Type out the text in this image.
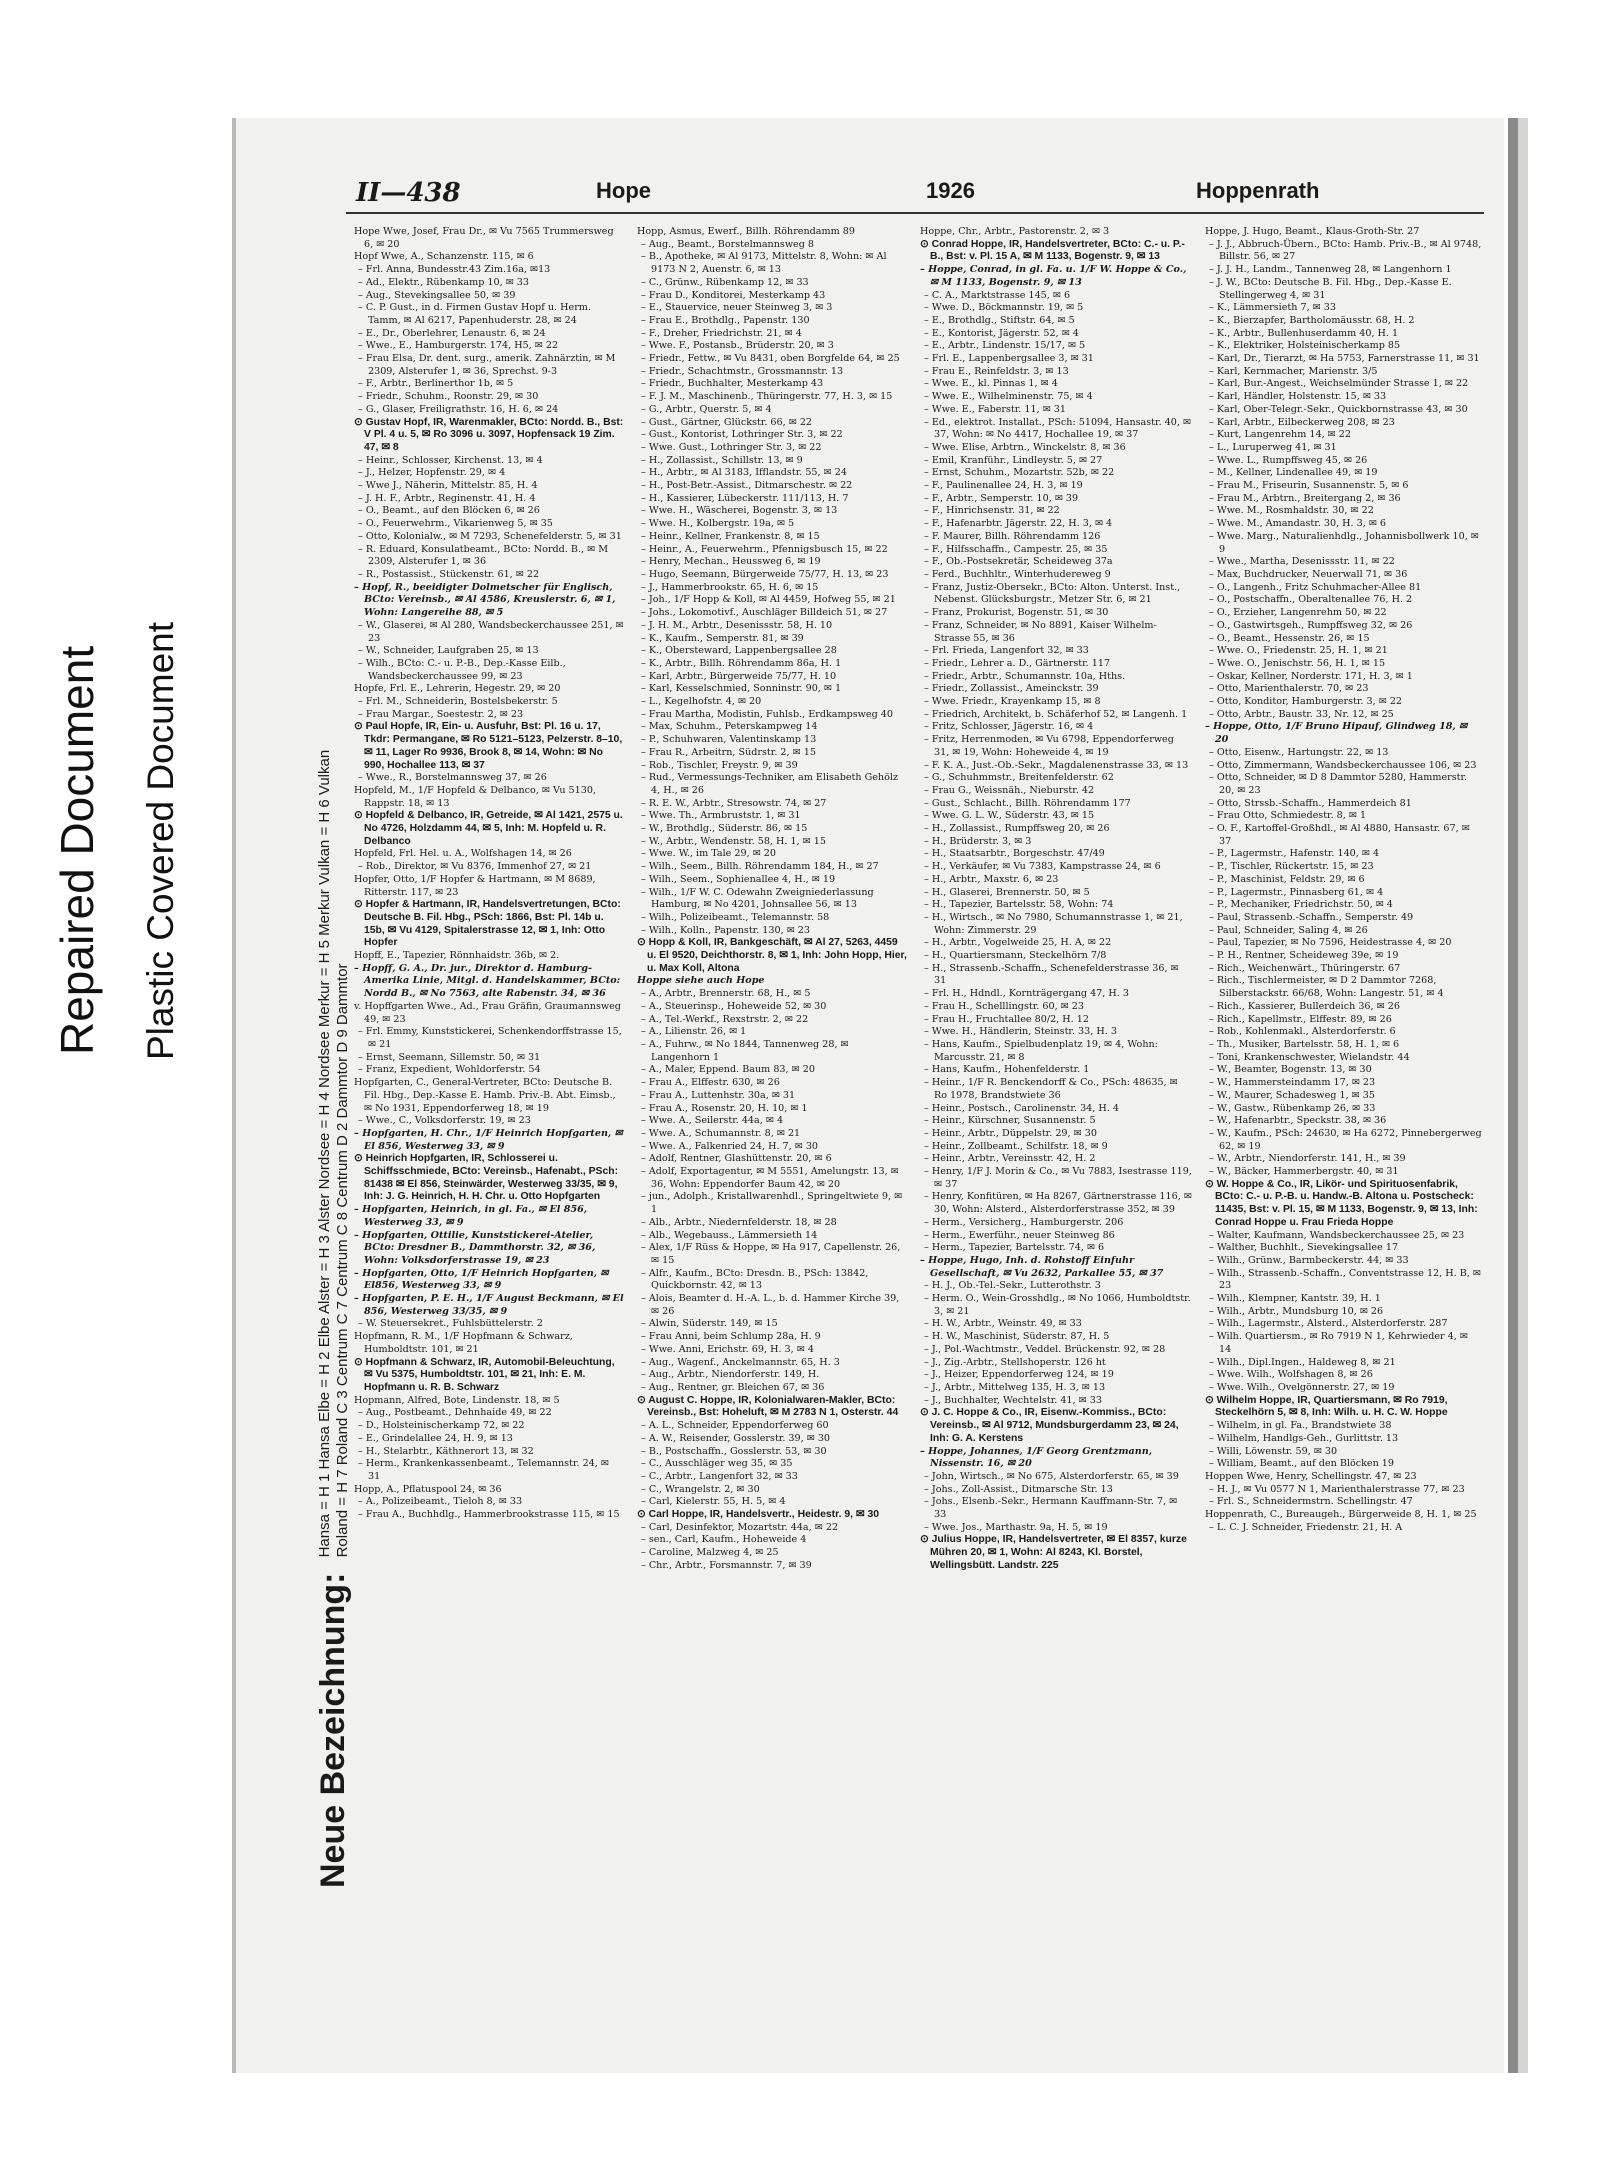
Repaired Document	Plastic Covered Document
II—438	Hope	1926	Hoppenrath
Neue Bezeichnung: Hansa = H 1 Hansa Elbe = H 2 Elbe Alster = H 3 Alster Nordsee = H 4 Nordsee Merkur = H 5 Merkur Vulkan = H 6 Vulkan
Roland = H 7 Roland C 3 Centrum C 7 Centrum C 8 Centrum D 2 Dammtor D 9 Dammtor
Hope Wwe, Josef, Frau Dr., ✉ Vu 7565 Trummersweg 6, ✉ 20
Hopf Wwe, A., Schanzenstr. 115, ✉ 6
– Frl. Anna, Bundesstr.43 Zim.16a, ✉13
– Ad., Elektr., Rübenkamp 10, ✉ 33
– Aug., Stevekingsallee 50, ✉ 39
– C. P. Gust., in d. Firmen Gustav Hopf u. Herm. Tamm, ✉ Al 6217, Papenhuderstr. 28, ✉ 24
– E., Dr., Oberlehrer, Lenaustr. 6, ✉ 24
– Wwe., E., Hamburgerstr. 174, H5, ✉ 22
– Frau Elsa, Dr. dent. surg., amerik. Zahnärztin, ✉ M 2309, Alsterufer 1, ✉ 36, Sprechst. 9-3
– F., Arbtr., Berlinerthor 1b, ✉ 5
– Friedr., Schuhm., Roonstr. 29, ✉ 30
– G., Glaser, Freiligrathstr. 16, H. 6, ✉ 24
⊙ Gustav Hopf, IR, Warenmakler, BCto: Nordd. B., Bst: V Pl. 4 u. 5, ✉ Ro 3096 u. 3097, Hopfensack 19 Zim. 47, ✉ 8
– Heinr., Schlosser, Kirchenst. 13, ✉ 4
– J., Helzer, Hopfenstr. 29, ✉ 4
– Wwe J., Näherin, Mittelstr. 85, H. 4
– J. H. F., Arbtr., Reginenstr. 41, H. 4
– O., Beamt., auf den Blöcken 6, ✉ 26
– O., Feuerwehrm., Vikarienweg 5, ✉ 35
– Otto, Kolonialw., ✉ M 7293, Schenefelderstr. 5, ✉ 31
– R. Eduard, Konsulatbeamt., BCto: Nordd. B., ✉ M 2309, Alsterufer 1, ✉ 36
– R., Postassist., Stückenstr. 61, ✉ 22
– Hopf, R., beeidigter Dolmetscher für Englisch, BCto: Vereinsb., ✉ Al 4586, Kreuslerstr. 6, ✉ 1, Wohn: Langereihe 88, ✉ 5
– W., Glaserei, ✉ Al 280, Wandsbeckerchaussee 251, ✉ 23
– W., Schneider, Laufgraben 25, ✉ 13
– Wilh., BCto: C.- u. P.-B., Dep.-Kasse Eilb., Wandsbeckerchaussee 99, ✉ 23
Hopfe, Frl. E., Lehrerin, Hegestr. 29, ✉ 20
– Frl. M., Schneiderin, Bostelsbekerstr. 5
– Frau Margar., Soestestr. 2, ✉ 23
⊙ Paul Hopfe, IR, Ein- u. Ausfuhr, Bst: Pl. 16 u. 17, Tkdr: Permangane, ✉ Ro 5121–5123, Pelzerstr. 8–10, ✉ 11, Lager Ro 9936, Brook 8, ✉ 14, Wohn: ✉ No 990, Hochallee 113, ✉ 37
– Wwe., R., Borstelmannsweg 37, ✉ 26
Hopfeld, M., 1/F Hopfeld & Delbanco, ✉ Vu 5130, Rappstr. 18, ✉ 13
⊙ Hopfeld & Delbanco, IR, Getreide, ✉ Al 1421, 2575 u. No 4726, Holzdamm 44, ✉ 5, Inh: M. Hopfeld u. R. Delbanco
Hopfeld, Frl. Hel. u. A., Wolfshagen 14, ✉ 26
– Rob., Direktor, ✉ Vu 8376, Immenhof 27, ✉ 21
Hopfer, Otto, 1/F Hopfer & Hartmann, ✉ M 8689, Ritterstr. 117, ✉ 23
⊙ Hopfer & Hartmann, IR, Handelsvertretungen, BCto: Deutsche B. Fil. Hbg., PSch: 1866, Bst: Pl. 14b u. 15b, ✉ Vu 4129, Spitalerstrasse 12, ✉ 1, Inh: Otto Hopfer
Hopff, E., Tapezier, Rönnhaidstr. 36b, ✉ 2.
– Hopff, G. A., Dr. jur., Direktor d. Hamburg-Amerika Linie, Mitgl. d. Handelskammer, BCto: Nordd B., ✉ No 7563, alte Rabenstr. 34, ✉ 36
v. Hopffgarten Wwe., Ad., Frau Gräfin, Graumannsweg 49, ✉ 23
– Frl. Emmy, Kunststickerei, Schenkendorffstrasse 15, ✉ 21
– Ernst, Seemann, Sillemstr. 50, ✉ 31
– Franz, Expedient, Wohldorferstr. 54
Hopfgarten, C., General-Vertreter, BCto: Deutsche B. Fil. Hbg., Dep.-Kasse E. Hamb. Priv.-B. Abt. Eimsb., ✉ No 1931, Eppendorferweg 18, ✉ 19
– Wwe., C., Volksdorferstr. 19, ✉ 23
– Hopfgarten, H. Chr., 1/F Heinrich Hopfgarten, ✉ El 856, Westerweg 33, ✉ 9
⊙ Heinrich Hopfgarten, IR, Schlosserei u. Schiffsschmiede, BCto: Vereinsb., Hafenabt., PSch: 81438 ✉ El 856, Steinwärder, Westerweg 33/35, ✉ 9, Inh: J. G. Heinrich, H. H. Chr. u. Otto Hopfgarten
– Hopfgarten, Heinrich, in gl. Fa., ✉ El 856, Westerweg 33, ✉ 9
– Hopfgarten, Ottilie, Kunststickerei-Atelier, BCto: Dresdner B., Dammthorstr. 32, ✉ 36, Wohn: Volksdorferstrasse 19, ✉ 23
– Hopfgarten, Otto, 1/F Heinrich Hopfgarten, ✉ El856, Westerweg 33, ✉ 9
– Hopfgarten, P. E. H., 1/F August Beckmann, ✉ El 856, Westerweg 33/35, ✉ 9
– W. Steuersekret., Fuhlsbüttelerstr. 2
Hopfmann, R. M., 1/F Hopfmann & Schwarz, Humboldtstr. 101, ✉ 21
⊙ Hopfmann & Schwarz, IR, Automobil-Beleuchtung, ✉ Vu 5375, Humboldtstr. 101, ✉ 21, Inh: E. M. Hopfmann u. R. B. Schwarz
Hopmann, Alfred, Bote, Lindenstr. 18, ✉ 5
– Aug., Postbeamt., Dehnhaide 49, ✉ 22
– D., Holsteinischerkamp 72, ✉ 22
– E., Grindelallee 24, H. 9, ✉ 13
– H., Stelarbtr., Käthnerort 13, ✉ 32
– Herm., Krankenkassenbeamt., Telemannstr. 24, ✉ 31
Hopp, A., Pflatuspool 24, ✉ 36
– A., Polizeibeamt., Tieloh 8, ✉ 33
– Frau A., Buchhdlg., Hammerbrookstrasse 115, ✉ 15
Hopp, Asmus, Ewerf., Billh. Röhrendamm 89
– Aug., Beamt., Borstelmannsweg 8
– B., Apotheke, ✉ Al 9173, Mittelstr. 8, Wohn: ✉ Al 9173 N 2, Auenstr. 6, ✉ 13
– C., Grünw., Rübenkamp 12, ✉ 33
– Frau D., Konditorei, Mesterkamp 43
– E., Stauervice, neuer Steinweg 3, ✉ 3
– Frau E., Brothdlg., Papenstr. 130
– F., Dreher, Friedrichstr. 21, ✉ 4
– Wwe. F., Postansb., Brüderstr. 20, ✉ 3
– Friedr., Fettw., ✉ Vu 8431, oben Borgfelde 64, ✉ 25
– Friedr., Schachtmstr., Grossmannstr. 13
– Friedr., Buchhalter, Mesterkamp 43
– F. J. M., Maschinenb., Thüringerstr. 77, H. 3, ✉ 15
– G., Arbtr., Querstr. 5, ✉ 4
– Gust., Gärtner, Glückstr. 66, ✉ 22
– Gust., Kontorist, Lothringer Str. 3, ✉ 22
– Wwe. Gust., Lothringer Str. 3, ✉ 22
– H., Zollassist., Schillstr. 13, ✉ 9
– H., Arbtr., ✉ Al 3183, Ifflandstr. 55, ✉ 24
– H., Post-Betr.-Assist., Ditmarschestr. ✉ 22
– H., Kassierer, Lübeckerstr. 111/113, H. 7
– Wwe. H., Wäscherei, Bogenstr. 3, ✉ 13
– Wwe. H., Kolbergstr. 19a, ✉ 5
– Heinr., Kellner, Frankenstr. 8, ✉ 15
– Heinr., A., Feuerwehrm., Pfennigsbusch 15, ✉ 22
– Henry, Mechan., Heussweg 6, ✉ 19
– Hugo, Seemann, Bürgerweide 75/77, H. 13, ✉ 23
– J., Hammerbrookstr. 65, H. 6, ✉ 15
– Joh., 1/F Hopp & Koll, ✉ Al 4459, Hofweg 55, ✉ 21
– Johs., Lokomotivf., Auschläger Billdeich 51, ✉ 27
– J. H. M., Arbtr., Desenissstr. 58, H. 10
– K., Kaufm., Semperstr. 81, ✉ 39
– K., Obersteward, Lappenbergsallee 28
– K., Arbtr., Billh. Röhrendamm 86a, H. 1
– Karl, Arbtr., Bürgerweide 75/77, H. 10
– Karl, Kesselschmied, Sonninstr. 90, ✉ 1
– L., Kegelhofstr. 4, ✉ 20
– Frau Martha, Modistin, Fuhlsb., Erdkampsweg 40
– Max, Schuhm., Peterskampweg 14
– P., Schuhwaren, Valentinskamp 13
– Frau R., Arbeitrn, Südrstr. 2, ✉ 15
– Rob., Tischler, Freystr. 9, ✉ 39
– Rud., Vermessungs-Techniker, am Elisabeth Gehölz 4, H., ✉ 26
– R. E. W., Arbtr., Stresowstr. 74, ✉ 27
– Wwe. Th., Armbruststr. 1, ✉ 31
– W., Brothdlg., Süderstr. 86, ✉ 15
– W., Arbtr., Wendenstr. 58, H. 1, ✉ 15
– Wwe. W., im Tale 29, ✉ 20
– Wilh., Seem., Billh. Röhrendamm 184, H., ✉ 27
– Wilh., Seem., Sophienallee 4, H., ✉ 19
– Wilh., 1/F W. C. Odewahn Zweigniederlassung Hamburg, ✉ No 4201, Johnsallee 56, ✉ 13
– Wilh., Polizeibeamt., Telemannstr. 58
– Wilh., Kolln., Papenstr. 130, ✉ 23
⊙ Hopp & Koll, IR, Bankgeschäft, ✉ Al 27, 5263, 4459 u. El 9520, Deichthorstr. 8, ✉ 1, Inh: John Hopp, Hier, u. Max Koll, Altona
Hoppe siehe auch Hope
– A., Arbtr., Brennerstr. 68, H., ✉ 5
– A., Steuerinsp., Hoheweide 52, ✉ 30
– A., Tel.-Werkf., Rexstrstr. 2, ✉ 22
– A., Lilienstr. 26, ✉ 1
– A., Fuhrw., ✉ No 1844, Tannenweg 28, ✉ Langenhorn 1
– A., Maler, Eppend. Baum 83, ✉ 20
– Frau A., Elffestr. 630, ✉ 26
– Frau A., Luttenhstr. 30a, ✉ 31
– Frau A., Rosenstr. 20, H. 10, ✉ 1
– Wwe. A., Seilerstr. 44a, ✉ 4
– Wwe. A., Schumannstr. 8, ✉ 21
– Wwe. A., Falkenried 24, H. 7, ✉ 30
– Adolf, Rentner, Glashüttenstr. 20, ✉ 6
– Adolf, Exportagentur, ✉ M 5551, Amelungstr. 13, ✉ 36, Wohn: Eppendorfer Baum 42, ✉ 20
– jun., Adolph., Kristallwarenhdl., Springeltwiete 9, ✉ 1
– Alb., Arbtr., Niedernfelderstr. 18, ✉ 28
– Alb., Wegebauss., Lämmersieth 14
– Alex, 1/F Rüss & Hoppe, ✉ Ha 917, Capellenstr. 26, ✉ 15
– Alfr., Kaufm., BCto: Dresdn. B., PSch: 13842, Quickbornstr. 42, ✉ 13
– Alois, Beamter d. H.-A. L., b. d. Hammer Kirche 39, ✉ 26
– Alwin, Süderstr. 149, ✉ 15
– Frau Anni, beim Schlump 28a, H. 9
– Wwe. Anni, Erichstr. 69, H. 3, ✉ 4
– Aug., Wagenf., Anckelmannstr. 65, H. 3
– Aug., Arbtr., Niendorferstr. 149, H.
– Aug., Rentner, gr. Bleichen 67, ✉ 36
⊙ August C. Hoppe, IR, Kolonialwaren-Makler, BCto: Vereinsb., Bst: Hoheluft, ✉ M 2783 N 1, Osterstr. 44
– A. L., Schneider, Eppendorferweg 60
– A. W., Reisender, Gosslerstr. 39, ✉ 30
– B., Postschaffn., Gosslerstr. 53, ✉ 30
– C., Ausschläger weg 35, ✉ 35
– C., Arbtr., Langenfort 32, ✉ 33
– C., Wrangelstr. 2, ✉ 30
– Carl, Kielerstr. 55, H. 5, ✉ 4
⊙ Carl Hoppe, IR, Handelsvertr., Heidestr. 9, ✉ 30
– Carl, Desinfektor, Mozartstr. 44a, ✉ 22
– sen., Carl, Kaufm., Hoheweide 4
– Caroline, Malzweg 4, ✉ 25
– Chr., Arbtr., Forsmannstr. 7, ✉ 39
Hoppe, Chr., Arbtr., Pastorenstr. 2, ✉ 3
⊙ Conrad Hoppe, IR, Handelsvertreter, BCto: C.- u. P.-B., Bst: v. Pl. 15 A, ✉ M 1133, Bogenstr. 9, ✉ 13
– Hoppe, Conrad, in gl. Fa. u. 1/F W. Hoppe & Co., ✉ M 1133, Bogenstr. 9, ✉ 13
– C. A., Marktstrasse 145, ✉ 6
– Wwe. D., Böckmannstr. 19, ✉ 5
– E., Brothdlg., Stiftstr. 64, ✉ 5
– E., Kontorist, Jägerstr. 52, ✉ 4
– E., Arbtr., Lindenstr. 15/17, ✉ 5
– Frl. E., Lappenbergsallee 3, ✉ 31
– Frau E., Reinfeldstr. 3, ✉ 13
– Wwe. E., kl. Pinnas 1, ✉ 4
– Wwe. E., Wilhelminenstr. 75, ✉ 4
– Wwe. E., Faberstr. 11, ✉ 31
– Ed., elektrot. Installat., PSch: 51094, Hansastr. 40, ✉ 37, Wohn: ✉ No 4417, Hochallee 19, ✉ 37
– Wwe. Elise, Arbtrn., Winckelstr. 8, ✉ 36
– Emil, Kranführ., Lindleystr. 5, ✉ 27
– Ernst, Schuhm., Mozartstr. 52b, ✉ 22
– F., Paulinenallee 24, H. 3, ✉ 19
– F., Arbtr., Semperstr. 10, ✉ 39
– F., Hinrichsenstr. 31, ✉ 22
– F., Hafenarbtr. Jägerstr. 22, H. 3, ✉ 4
– F. Maurer, Billh. Röhrendamm 126
– F., Hilfsschaffn., Campestr. 25, ✉ 35
– F., Ob.-Postsekretär, Scheideweg 37a
– Ferd., Buchhltr., Winterhudereweg 9
– Franz, Justiz-Obersekr., BCto: Alton. Unterst. Inst., Nebenst. Glücksburgstr., Metzer Str. 6, ✉ 21
– Franz, Prokurist, Bogenstr. 51, ✉ 30
– Franz, Schneider, ✉ No 8891, Kaiser Wilhelm-Strasse 55, ✉ 36
– Frl. Frieda, Langenfort 32, ✉ 33
– Friedr., Lehrer a. D., Gärtnerstr. 117
– Friedr., Arbtr., Schumannstr. 10a, Hths.
– Friedr., Zollassist., Ameinckstr. 39
– Wwe. Friedr., Krayenkamp 15, ✉ 8
– Friedrich, Architekt, b. Schäferhof 52, ✉ Langenh. 1
– Fritz, Schlosser, Jägerstr. 16, ✉ 4
– Fritz, Herrenmoden, ✉ Vu 6798, Eppendorferweg 31, ✉ 19, Wohn: Hoheweide 4, ✉ 19
– F. K. A., Just.-Ob.-Sekr., Magdalenenstrasse 33, ✉ 13
– G., Schuhmmstr., Breitenfelderstr. 62
– Frau G., Weissnäh., Nieburstr. 42
– Gust., Schlacht., Billh. Röhrendamm 177
– Wwe. G. L. W., Süderstr. 43, ✉ 15
– H., Zollassist., Rumpffsweg 20, ✉ 26
– H., Brüderstr. 3, ✉ 3
– H., Staatsarbtr., Borgeschstr. 47/49
– H., Verkäufer, ✉ Vu 7383, Kampstrasse 24, ✉ 6
– H., Arbtr., Maxstr. 6, ✉ 23
– H., Glaserei, Brennerstr. 50, ✉ 5
– H., Tapezier, Bartelsstr. 58, Wohn: 74
– H., Wirtsch., ✉ No 7980, Schumannstrasse 1, ✉ 21, Wohn: Zimmerstr. 29
– H., Arbtr., Vogelweide 25, H. A, ✉ 22
– H., Quartiersmann, Steckelhörn 7/8
– H., Strassenb.-Schaffn., Schenefelderstrasse 36, ✉ 31
– Frl. H., Hdndl., Kornträgergang 47, H. 3
– Frau H., Schelllingstr. 60, ✉ 23
– Frau H., Fruchtallee 80/2, H. 12
– Wwe. H., Händlerin, Steinstr. 33, H. 3
– Hans, Kaufm., Spielbudenplatz 19, ✉ 4, Wohn: Marcusstr. 21, ✉ 8
– Hans, Kaufm., Hohenfelderstr. 1
– Heinr., 1/F R. Benckendorff & Co., PSch: 48635, ✉ Ro 1978, Brandstwiete 36
– Heinr., Postsch., Carolinenstr. 34, H. 4
– Heinr., Kürschner, Susannenstr. 5
– Heinr., Arbtr., Düppelstr. 29, ✉ 30
– Heinr., Zollbeamt., Schilfstr. 18, ✉ 9
– Heinr., Arbtr., Vereinsstr. 42, H. 2
– Henry, 1/F J. Morin & Co., ✉ Vu 7883, Isestrasse 119, ✉ 37
– Henry, Konfitüren, ✉ Ha 8267, Gärtnerstrasse 116, ✉ 30, Wohn: Alsterd., Alsterdorferstrasse 352, ✉ 39
– Herm., Versicherg., Hamburgerstr. 206
– Herm., Ewerführ., neuer Steinweg 86
– Herm., Tapezier, Bartelsstr. 74, ✉ 6
– Hoppe, Hugo, Inh. d. Rohstoff Einfuhr Gesellschaft, ✉ Vu 2632, Parkallee 55, ✉ 37
– H. J., Ob.-Tel.-Sekr., Lutterothstr. 3
– Herm. O., Wein-Grosshdlg., ✉ No 1066, Humboldtstr. 3, ✉ 21
– H. W., Arbtr., Weinstr. 49, ✉ 33
– H. W., Maschinist, Süderstr. 87, H. 5
– J., Pol.-Wachtmstr., Veddel. Brückenstr. 92, ✉ 28
– J., Zig.-Arbtr., Stellshoperstr. 126 ht
– J., Heizer, Eppendorferweg 124, ✉ 19
– J., Arbtr., Mittelweg 135, H. 3, ✉ 13
– J., Buchhalter, Wechtelstr. 41, ✉ 33
⊙ J. C. Hoppe & Co., IR, Eisenw.-Kommiss., BCto: Vereinsb., ✉ Al 9712, Mundsburgerdamm 23, ✉ 24, Inh: G. A. Kerstens
– Hoppe, Johannes, 1/F Georg Grentzmann, Nissenstr. 16, ✉ 20
– John, Wirtsch., ✉ No 675, Alsterdorferstr. 65, ✉ 39
– Johs., Zoll-Assist., Ditmarsche Str. 13
– Johs., Elsenb.-Sekr., Hermann Kauffmann-Str. 7, ✉ 33
– Wwe. Jos., Marthastr. 9a, H. 5, ✉ 19
⊙ Julius Hoppe, IR, Handelsvertreter, ✉ El 8357, kurze Mühren 20, ✉ 1, Wohn: Al 8243, Kl. Borstel, Wellingsbütt. Landstr. 225
Hoppe, J. Hugo, Beamt., Klaus-Groth-Str. 27
– J. J., Abbruch-Übern., BCto: Hamb. Priv.-B., ✉ Al 9748, Billstr. 56, ✉ 27
– J. J. H., Landm., Tannenweg 28, ✉ Langenhorn 1
– J. W., BCto: Deutsche B. Fil. Hbg., Dep.-Kasse E. Stellingerweg 4, ✉ 31
– K., Lämmersieth 7, ✉ 33
– K., Bierzapfer, Bartholomäusstr. 68, H. 2
– K., Arbtr., Bullenhuserdamm 40, H. 1
– K., Elektriker, Holsteinischerkamp 85
– Karl, Dr., Tierarzt, ✉ Ha 5753, Farnerstrasse 11, ✉ 31
– Karl, Kernmacher, Marienstr. 3/5
– Karl, Bur.-Angest., Weichselmünder Strasse 1, ✉ 22
– Karl, Händler, Holstenstr. 15, ✉ 33
– Karl, Ober-Telegr.-Sekr., Quickbornstrasse 43, ✉ 30
– Karl, Arbtr., Eilbeckerweg 208, ✉ 23
– Kurt, Langenrehm 14, ✉ 22
– L., Luruperweg 41, ✉ 31
– Wwe. L., Rumpffsweg 45, ✉ 26
– M., Kellner, Lindenallee 49, ✉ 19
– Frau M., Friseurin, Susannenstr. 5, ✉ 6
– Frau M., Arbtrn., Breitergang 2, ✉ 36
– Wwe. M., Rosmhaldstr. 30, ✉ 22
– Wwe. M., Amandastr. 30, H. 3, ✉ 6
– Wwe. Marg., Naturalienhdlg., Johannisbollwerk 10, ✉ 9
– Wwe., Martha, Desenissstr. 11, ✉ 22
– Max, Buchdrucker, Neuerwall 71, ✉ 36
– O., Langenh., Fritz Schuhmacher-Allee 81
– O., Postschaffn., Oberaltenallee 76, H. 2
– O., Erzieher, Langenrehm 50, ✉ 22
– O., Gastwirtsgeh., Rumpffsweg 32, ✉ 26
– O., Beamt., Hessenstr. 26, ✉ 15
– Wwe. O., Friedenstr. 25, H. 1, ✉ 21
– Wwe. O., Jenischstr. 56, H. 1, ✉ 15
– Oskar, Kellner, Norderstr. 171, H. 3, ✉ 1
– Otto, Marienthalerstr. 70, ✉ 23
– Otto, Konditor, Hamburgerstr. 3, ✉ 22
– Otto, Arbtr., Baustr. 33, Nr. 12, ✉ 25
– Hoppe, Otto, 1/F Bruno Hipauf, Glindweg 18, ✉ 20
– Otto, Eisenw., Hartungstr. 22, ✉ 13
– Otto, Zimmermann, Wandsbeckerchaussee 106, ✉ 23
– Otto, Schneider, ✉ D 8 Dammtor 5280, Hammerstr. 20, ✉ 23
– Otto, Strssb.-Schaffn., Hammerdeich 81
– Frau Otto, Schmiedestr. 8, ✉ 1
– O. F., Kartoffel-Großhdl., ✉ Al 4880, Hansastr. 67, ✉ 37
– P., Lagermstr., Hafenstr. 140, ✉ 4
– P., Tischler, Rückertstr. 15, ✉ 23
– P., Maschinist, Feldstr. 29, ✉ 6
– P., Lagermstr., Pinnasberg 61, ✉ 4
– P., Mechaniker, Friedrichstr. 50, ✉ 4
– Paul, Strassenb.-Schaffn., Semperstr. 49
– Paul, Schneider, Saling 4, ✉ 26
– Paul, Tapezier, ✉ No 7596, Heidestrasse 4, ✉ 20
– P. H., Rentner, Scheideweg 39e, ✉ 19
– Rich., Weichenwärt., Thüringerstr. 67
– Rich., Tischlermeister, ✉ D 2 Dammtor 7268, Silberstackstr. 66/68, Wohn: Langestr. 51, ✉ 4
– Rich., Kassierer, Bullerdeich 36, ✉ 26
– Rich., Kapellmstr., Elffestr. 89, ✉ 26
– Rob., Kohlenmakl., Alsterdorferstr. 6
– Th., Musiker, Bartelsstr. 58, H. 1, ✉ 6
– Toni, Krankenschwester, Wielandstr. 44
– W., Beamter, Bogenstr. 13, ✉ 30
– W., Hammersteindamm 17, ✉ 23
– W., Maurer, Schadesweg 1, ✉ 35
– W., Gastw., Rübenkamp 26, ✉ 33
– W., Hafenarbtr., Speckstr. 38, ✉ 36
– W., Kaufm., PSch: 24630, ✉ Ha 6272, Pinnebergerweg 62, ✉ 19
– W., Arbtr., Niendorferstr. 141, H., ✉ 39
– W., Bäcker, Hammerbergstr. 40, ✉ 31
⊙ W. Hoppe & Co., IR, Likör- und Spirituosenfabrik, BCto: C.- u. P.-B. u. Handw.-B. Altona u. Postscheck: 11435, Bst: v. Pl. 15, ✉ M 1133, Bogenstr. 9, ✉ 13, Inh: Conrad Hoppe u. Frau Frieda Hoppe
– Walter, Kaufmann, Wandsbeckerchaussee 25, ✉ 23
– Walther, Buchhlt., Sievekingsallee 17
– Wilh., Grünw., Barmbeckerstr. 44, ✉ 33
– Wilh., Strassenb.-Schaffn., Conventstrasse 12, H. B, ✉ 23
– Wilh., Klempner, Kantstr. 39, H. 1
– Wilh., Arbtr., Mundsburg 10, ✉ 26
– Wilh., Lagermstr., Alsterd., Alsterdorferstr. 287
– Wilh. Quartiersm., ✉ Ro 7919 N 1, Kehrwieder 4, ✉ 14
– Wilh., Dipl.Ingen., Haldeweg 8, ✉ 21
– Wwe. Wilh., Wolfshagen 8, ✉ 26
– Wwe. Wilh., Ovelgönnerstr. 27, ✉ 19
⊙ Wilhelm Hoppe, IR, Quartiersmann, ✉ Ro 7919, Steckelhörn 5, ✉ 8, Inh: Wilh. u. H. C. W. Hoppe
– Wilhelm, in gl. Fa., Brandstwiete 38
– Wilhelm, Handlgs-Geh., Gurlittstr. 13
– Willi, Löwenstr. 59, ✉ 30
– William, Beamt., auf den Blöcken 19
Hoppen Wwe, Henry, Schellingstr. 47, ✉ 23
– H. J., ✉ Vu 0577 N 1, Marienthalerstrasse 77, ✉ 23
– Frl. S., Schneidermstrn. Schellingstr. 47
Hoppenrath, C., Bureaugeh., Bürgerweide 8, H. 1, ✉ 25
– L. C. J. Schneider, Friedenstr. 21, H. A
